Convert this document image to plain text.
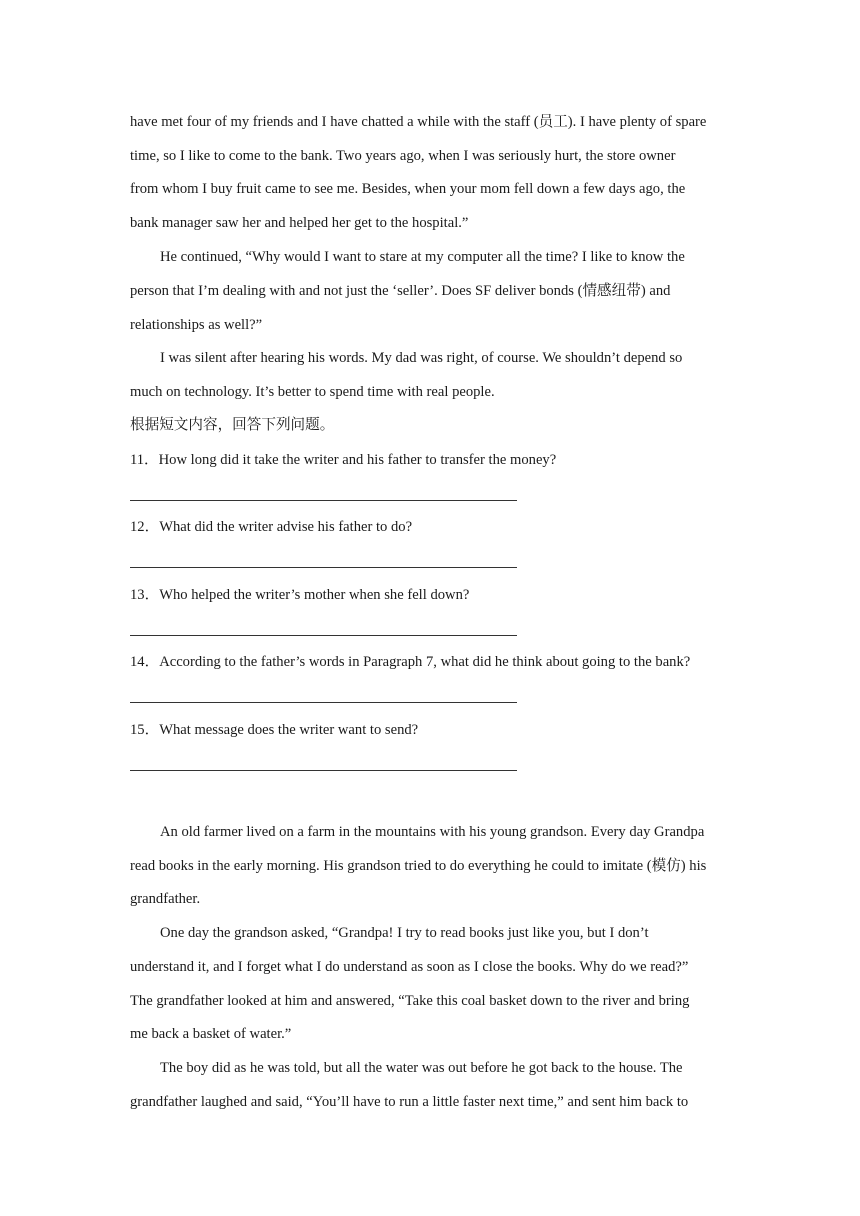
have met four of my friends and I have chatted a while with the staff (员工). I have plenty of spare
time, so I like to come to the bank. Two years ago, when I was seriously hurt, the store owner
from whom I buy fruit came to see me. Besides, when your mom fell down a few days ago, the
bank manager saw her and helped her get to the hospital.”
He continued, “Why would I want to stare at my computer all the time? I like to know the
person that I’m dealing with and not just the ‘seller’. Does SF deliver bonds (情感纽带) and
relationships as well?”
I was silent after hearing his words. My dad was right, of course. We shouldn’t depend so
much on technology. It’s better to spend time with real people.
根据短文内容，回答下列问题。
11．How long did it take the writer and his father to transfer the money?
12．What did the writer advise his father to do?
13．Who helped the writer’s mother when she fell down?
14．According to the father’s words in Paragraph 7, what did he think about going to the bank?
15．What message does the writer want to send?
An old farmer lived on a farm in the mountains with his young grandson. Every day Grandpa
read books in the early morning. His grandson tried to do everything he could to imitate (模仿) his
grandfather.
One day the grandson asked, “Grandpa! I try to read books just like you, but I don’t
understand it, and I forget what I do understand as soon as I close the books. Why do we read?”
The grandfather looked at him and answered, “Take this coal basket down to the river and bring
me back a basket of water.”
The boy did as he was told, but all the water was out before he got back to the house. The
grandfather laughed and said, “You’ll have to run a little faster next time,” and sent him back to
